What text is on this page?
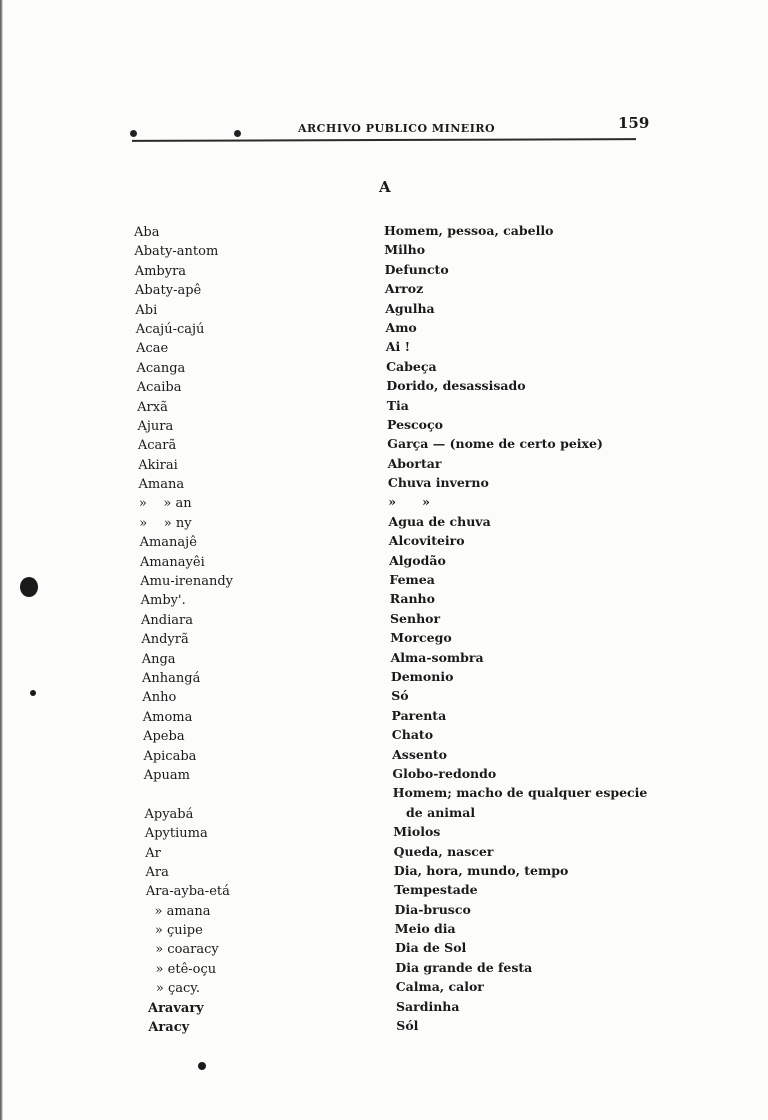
ARCHIVO PUBLICO MINEIRO	159
A
Aba
Abaty-antom
Ambyra
Abaty-apê
Abi
Acajú-cajú
Acae
Acanga
Acaiba
Arxã
Ajura
Acarã
Akirai
Amana
»    » an
»    » ny
Amanajê
Amanayêi
Amu-irenandy
Amby'.
Andiara
Andyrã
Anga
Anhangá
Anho
Amoma
Apeba
Apicaba
Apuam
Apyabá
Apytiuma
Ar
Ara
Ara-ayba-etá
» amana
» çuipe
» coaracy
» etê-oçu
» çacy.
Aravary
Aracy
Homem, pessoa, cabello
Milho
Defuncto
Arroz
Agulha
Amo
Ai !
Cabeça
Dorido, desassisado
Tia
Pescoço
Garça — (nome de certo peixe)
Abortar
Chuva inverno
»      »
Agua de chuva
Alcoviteiro
Algodão
Femea
Ranho
Senhor
Morcego
Alma-sombra
Demonio
Só
Parenta
Chato
Assento
Globo-redondo
Homem; macho de qualquer especie
de animal
Miolos
Queda, nascer
Dia, hora, mundo, tempo
Tempestade
Dia-brusco
Meio dia
Dia de Sol
Dia grande de festa
Calma, calor
Sardinha
Sól
